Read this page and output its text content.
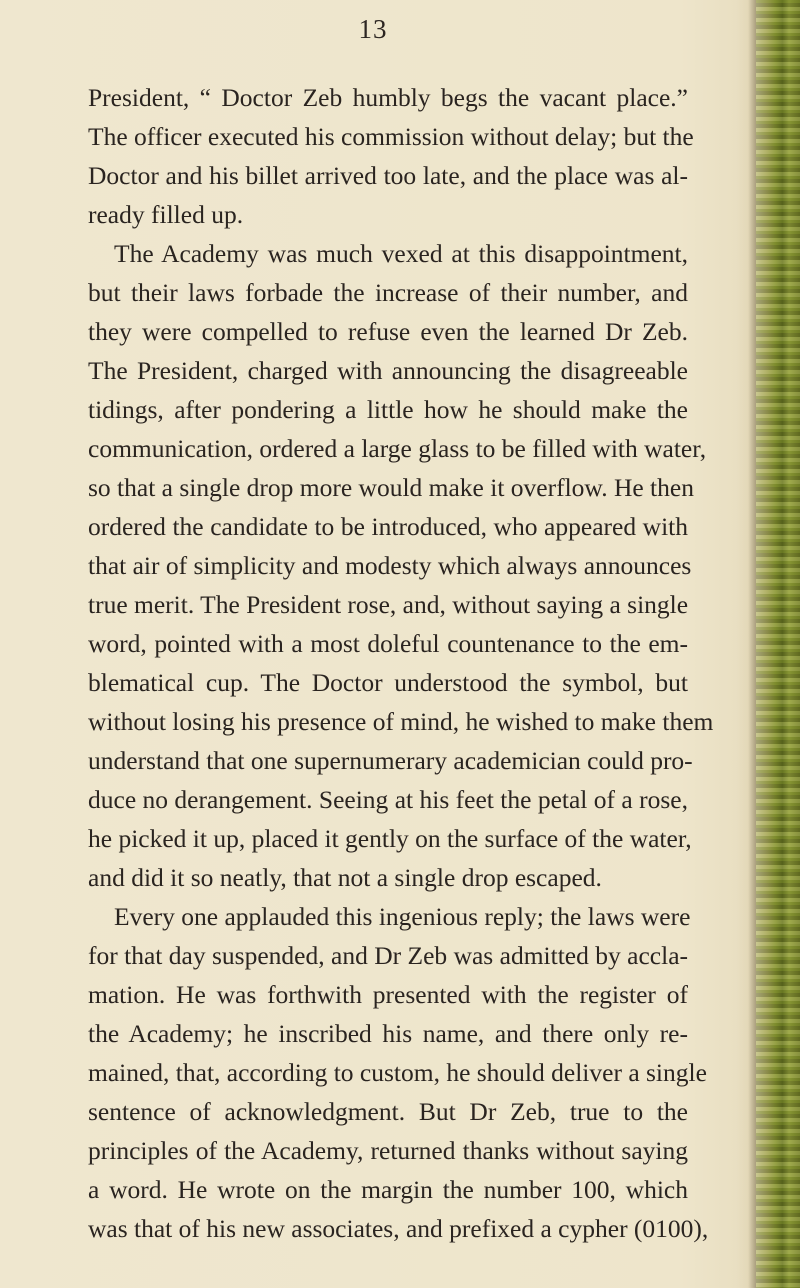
13
President, “ Doctor Zeb humbly begs the vacant place.”
The officer executed his commission without delay; but the
Doctor and his billet arrived too late, and the place was al-
ready filled up.
The Academy was much vexed at this disappointment,
but their laws forbade the increase of their number, and
they were compelled to refuse even the learned Dr Zeb.
The President, charged with announcing the disagreeable
tidings, after pondering a little how he should make the
communication, ordered a large glass to be filled with water,
so that a single drop more would make it overflow. He then
ordered the candidate to be introduced, who appeared with
that air of simplicity and modesty which always announces
true merit. The President rose, and, without saying a single
word, pointed with a most doleful countenance to the em-
blematical cup. The Doctor understood the symbol, but
without losing his presence of mind, he wished to make them
understand that one supernumerary academician could pro-
duce no derangement. Seeing at his feet the petal of a rose,
he picked it up, placed it gently on the surface of the water,
and did it so neatly, that not a single drop escaped.
Every one applauded this ingenious reply; the laws were
for that day suspended, and Dr Zeb was admitted by accla-
mation. He was forthwith presented with the register of
the Academy; he inscribed his name, and there only re-
mained, that, according to custom, he should deliver a single
sentence of acknowledgment. But Dr Zeb, true to the
principles of the Academy, returned thanks without saying
a word. He wrote on the margin the number 100, which
was that of his new associates, and prefixed a cypher (0100),
